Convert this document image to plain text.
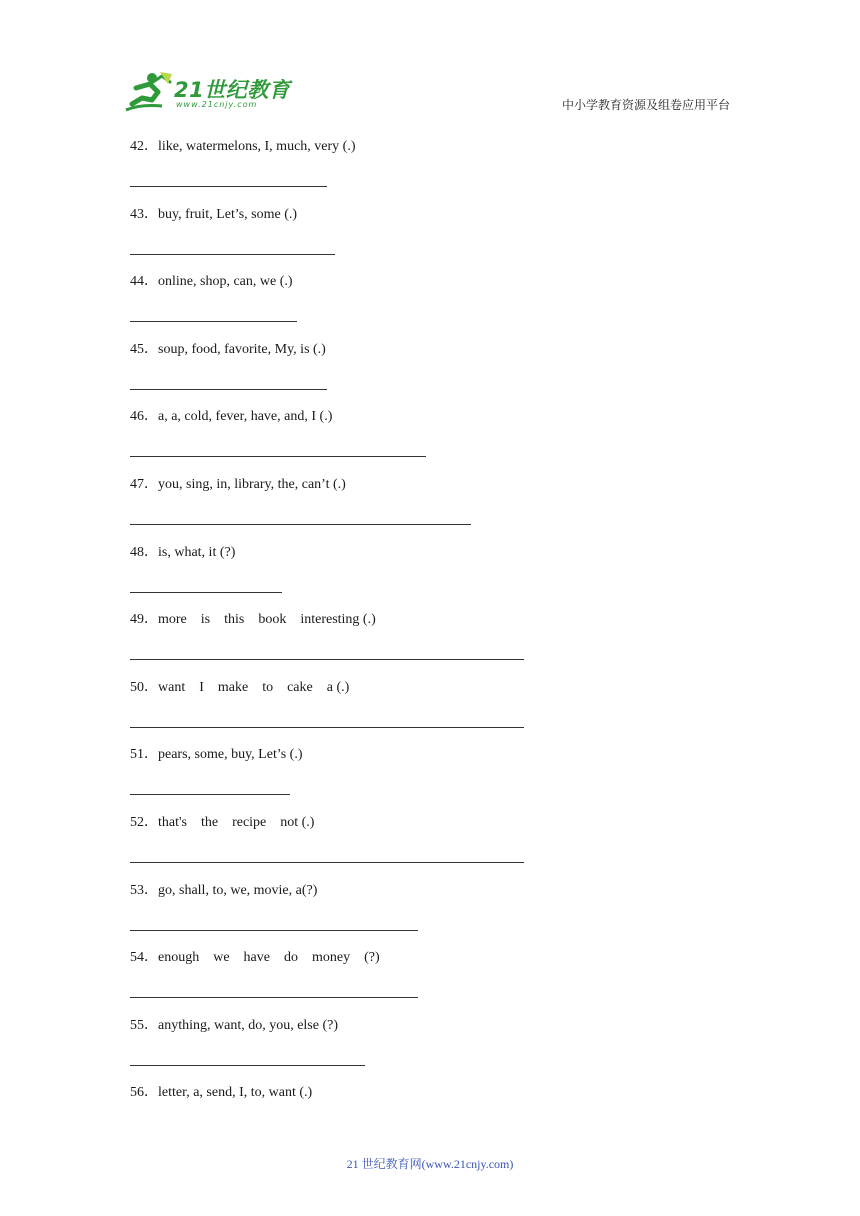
21世纪教育
www.21cnjy.com	中小学教育资源及组卷应用平台
42．like, watermelons, I, much, very (.)
43．buy, fruit, Let’s, some (.)
44．online, shop, can, we (.)
45．soup, food, favorite, My, is (.)
46．a, a, cold, fever, have, and, I (.)
47．you, sing, in, library, the, can’t (.)
48．is, what, it (?)
49．more    is    this    book    interesting (.)
50．want    I    make    to    cake    a (.)
51．pears, some, buy, Let’s (.)
52．that's    the    recipe    not (.)
53．go, shall, to, we, movie, a(?)
54．enough    we    have    do    money    (?)
55．anything, want, do, you, else (?)
56．letter, a, send, I, to, want (.)
21 世纪教育网(www.21cnjy.com)
